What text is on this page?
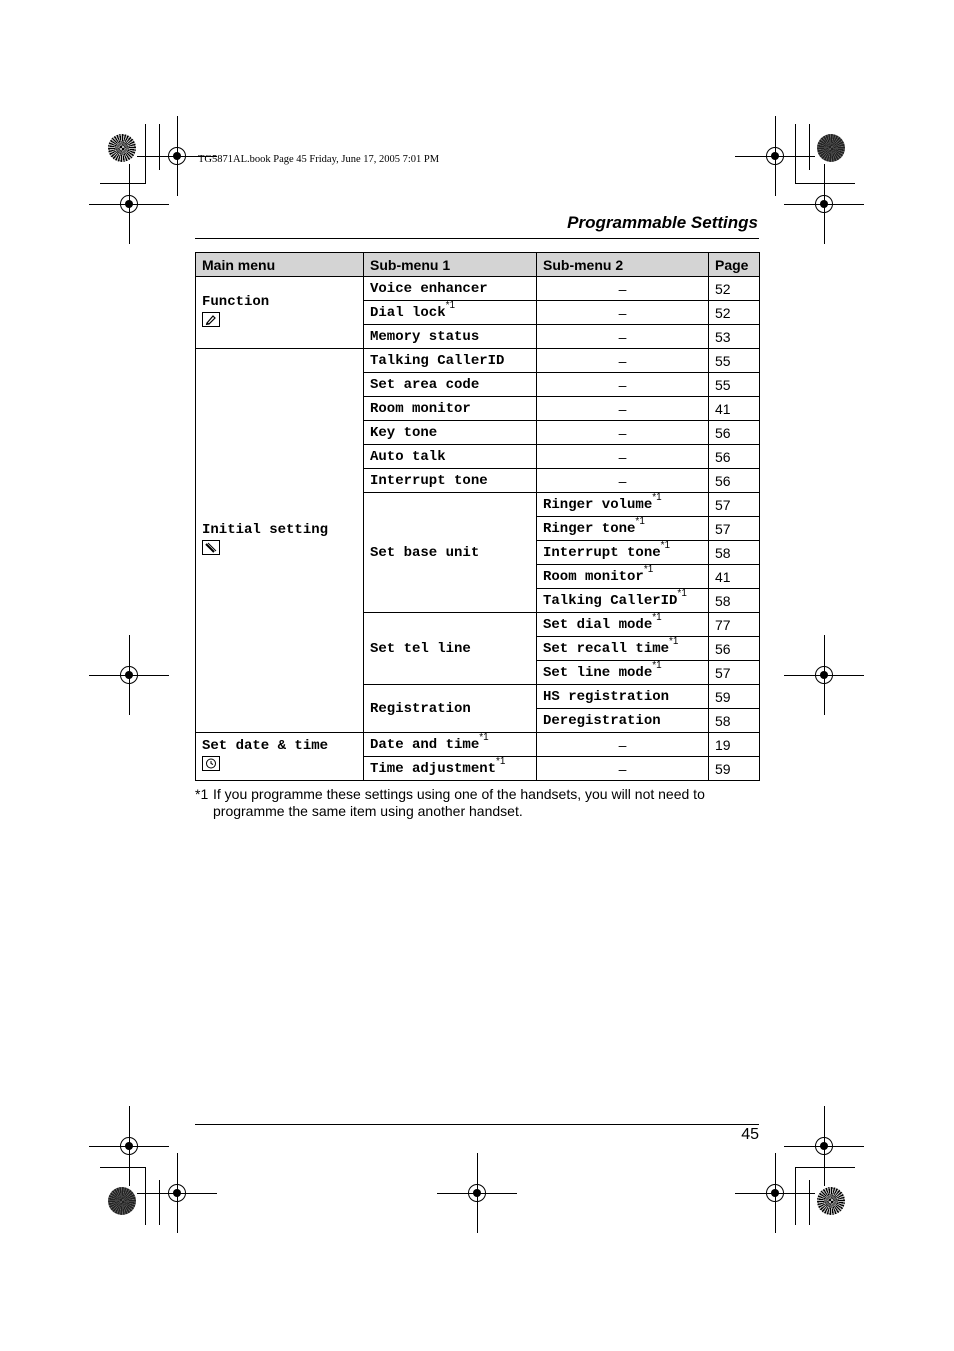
TG5871AL.book Page 45 Friday, June 17, 2005 7:01 PM
Programmable Settings
Main menu	Sub-menu 1	Sub-menu 2	Page

Function	Voice enhancer	–	52
	Dial lock$^{*1}$	–	52
	Memory status	–	53

Initial setting	Talking CallerID	–	55
	Set area code	–	55
	Room monitor	–	41
	Key tone	–	56
	Auto talk	–	56
	Interrupt tone	–	56
	Set base unit	Ringer volume$^{*1}$	57
		Ringer tone$^{*1}$	57
		Interrupt tone$^{*1}$	58
		Room monitor$^{*1}$	41
		Talking CallerID$^{*1}$	58
	Set tel line	Set dial mode$^{*1}$	77
		Set recall time$^{*1}$	56
		Set line mode$^{*1}$	57
	Registration	HS registration	59
		Deregistration	58

Set date & time	Date and time$^{*1}$	–	19
	Time adjustment$^{*1}$	–	59
*1 If you programme these settings using one of the handsets, you will not need to
programme the same item using another handset.
45
